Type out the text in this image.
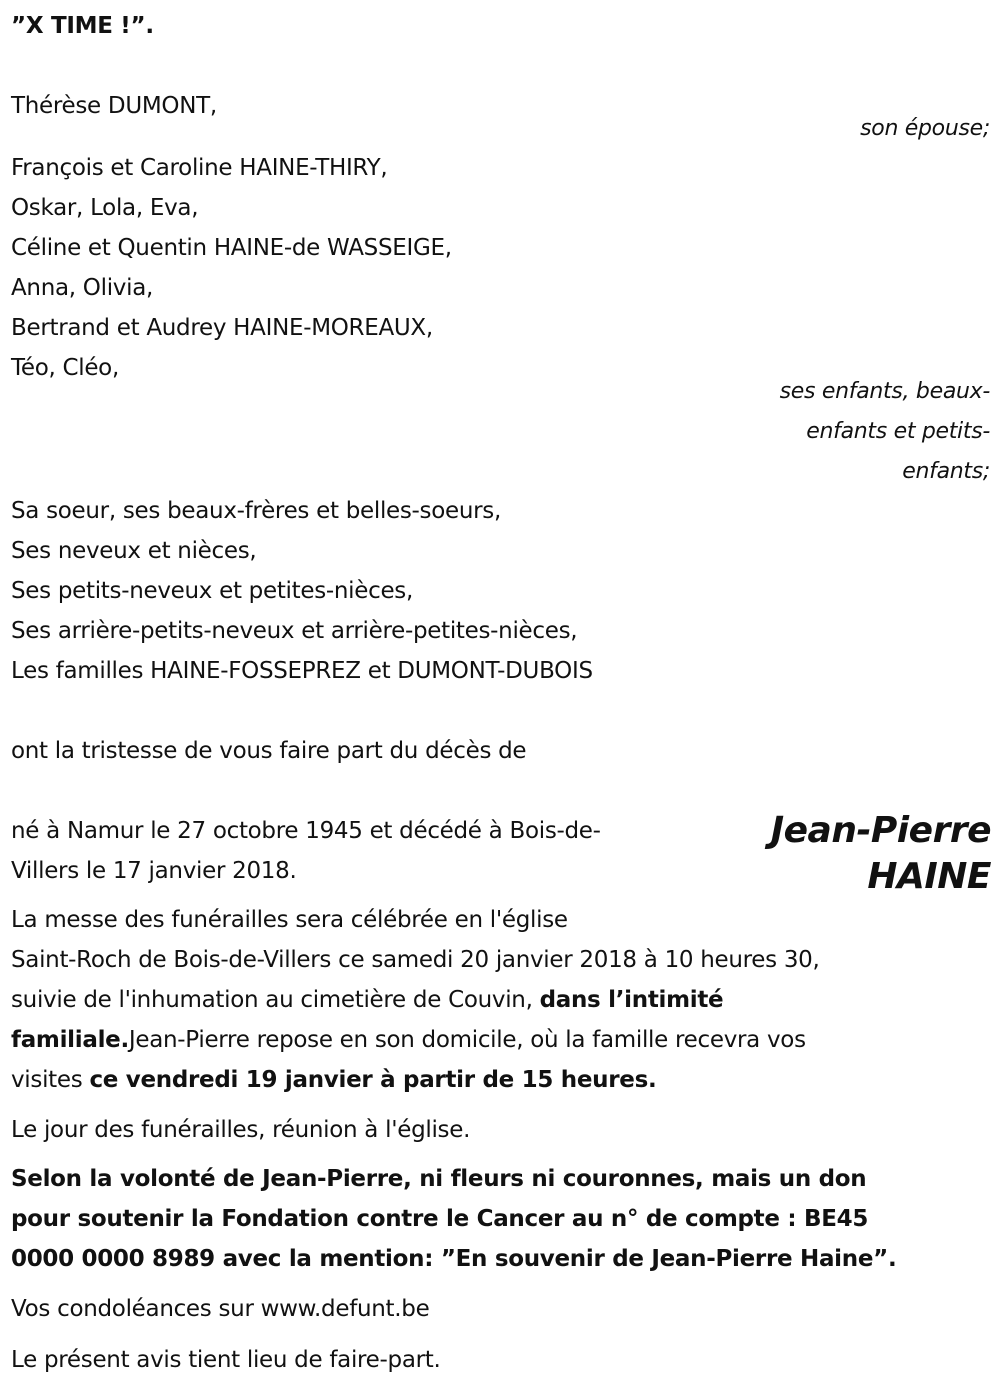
”X TIME !”.
Thérèse DUMONT,
son épouse;
François et Caroline HAINE-THIRY,
Oskar, Lola, Eva,
Céline et Quentin HAINE-de WASSEIGE,
Anna, Olivia,
Bertrand et Audrey HAINE-MOREAUX,
Téo, Cléo,
ses enfants, beaux-
enfants et petits-
enfants;
Sa soeur, ses beaux-frères et belles-soeurs,
Ses neveux et nièces,
Ses petits-neveux et petites-nièces,
Ses arrière-petits-neveux et arrière-petites-nièces,
Les familles HAINE-FOSSEPREZ et DUMONT-DUBOIS
ont la tristesse de vous faire part du décès de
Jean-Pierre
HAINE
né à Namur le 27 octobre 1945 et décédé à Bois-de-
Villers le 17 janvier 2018.
La messe des funérailles sera célébrée en l'église
Saint-Roch de Bois-de-Villers ce samedi 20 janvier 2018 à 10 heures 30,
suivie de l'inhumation au cimetière de Couvin, dans l’intimité
familiale.Jean-Pierre repose en son domicile, où la famille recevra vos
visites ce vendredi 19 janvier à partir de 15 heures.
Le jour des funérailles, réunion à l'église.
Selon la volonté de Jean-Pierre, ni fleurs ni couronnes, mais un don
pour soutenir la Fondation contre le Cancer au n° de compte : BE45
0000 0000 8989 avec la mention: ”En souvenir de Jean-Pierre Haine”.
Vos condoléances sur www.defunt.be
Le présent avis tient lieu de faire-part.
